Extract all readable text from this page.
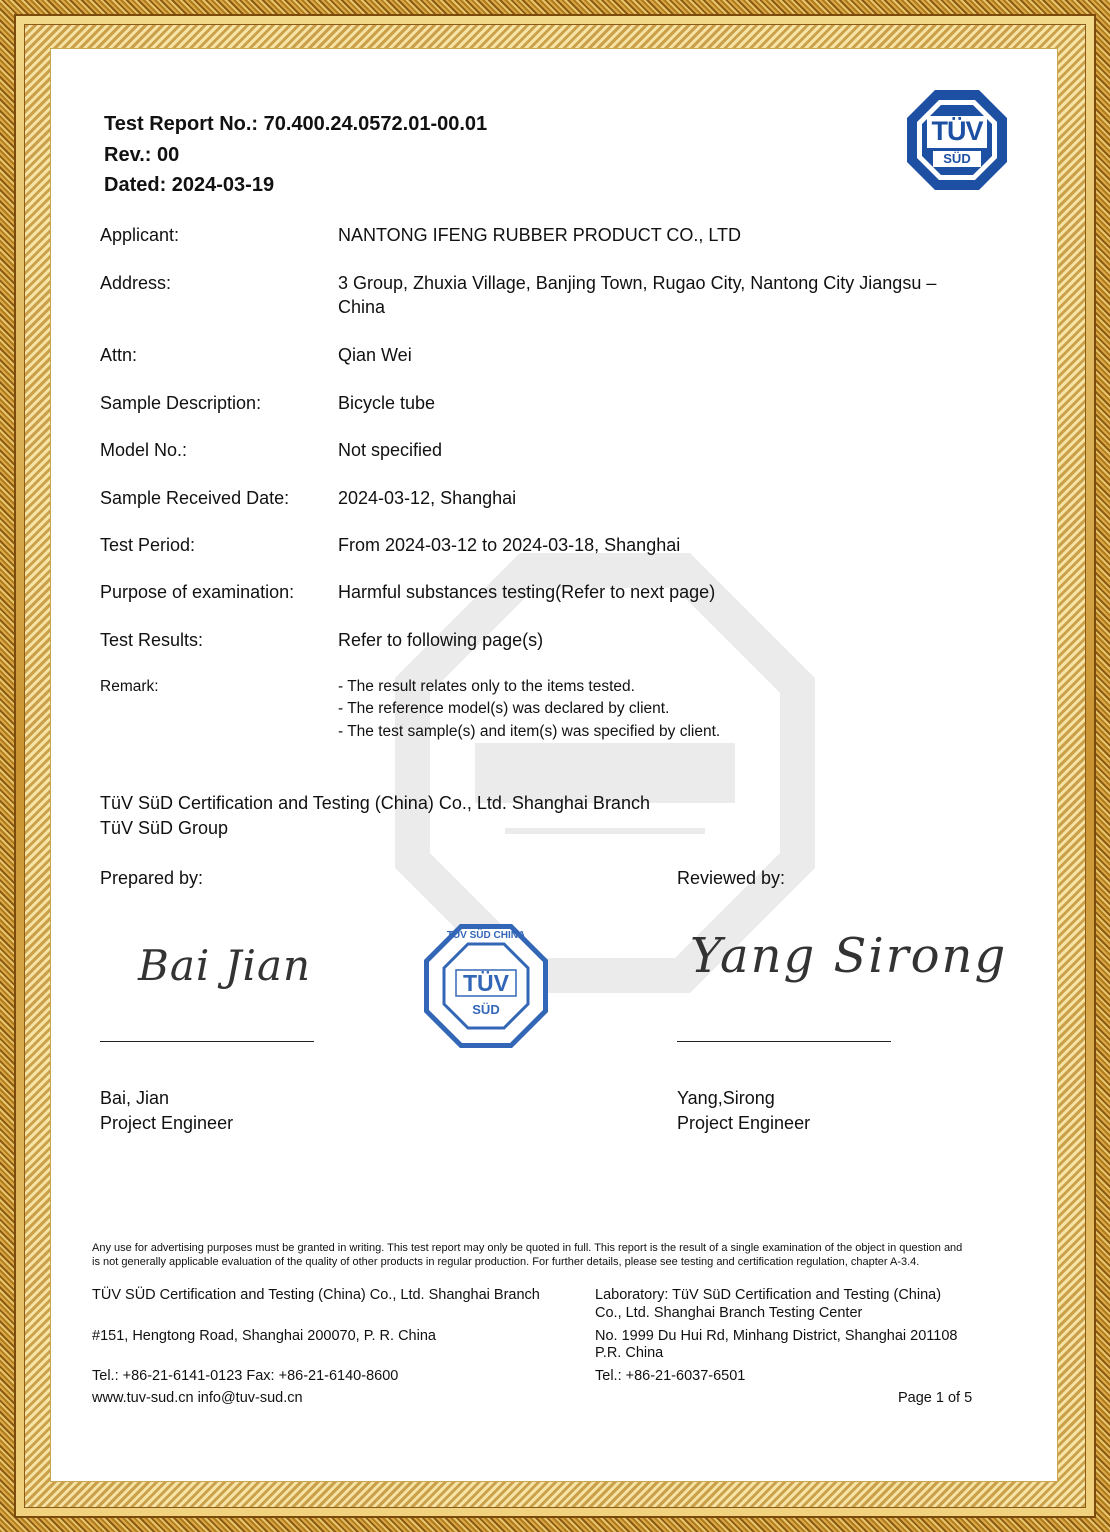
Test Report No.: 70.400.24.0572.01-00.01
Rev.: 00
Dated: 2024-03-19
TÜV
SÜD
Applicant:	NANTONG IFENG RUBBER PRODUCT CO., LTD
Address:	3 Group, Zhuxia Village, Banjing Town, Rugao City, Nantong City Jiangsu –
China
Attn:	Qian Wei
Sample Description:	Bicycle tube
Model No.:	Not specified
Sample Received Date:	2024-03-12, Shanghai
Test Period:	From 2024-03-12 to 2024-03-18, Shanghai
Purpose of examination: Harmful substances testing(Refer to next page)
Test Results:	Refer to following page(s)
Remark:	- The result relates only to the items tested.
- The reference model(s) was declared by client.
- The test sample(s) and item(s) was specified by client.
TüV SüD Certification and Testing (China) Co., Ltd. Shanghai Branch
TüV SüD Group
Prepared by:	Reviewed by:
Bai Jian	Yang Sirong
TÜV SÜD CHINA
TÜV
SÜD
Bai, Jian
Project Engineer
Yang,Sirong
Project Engineer
Any use for advertising purposes must be granted in writing. This test report may only be quoted in full. This report is the result of a single examination of the object in question and is not generally applicable evaluation of the quality of other products in regular production. For further details, please see testing and certification regulation, chapter A-3.4.
TÜV SÜD Certification and Testing (China) Co., Ltd. Shanghai Branch
#151, Hengtong Road, Shanghai 200070, P. R. China
Tel.: +86-21-6141-0123 Fax: +86-21-6140-8600
www.tuv-sud.cn info@tuv-sud.cn
Laboratory: TüV SüD Certification and Testing (China)
Co., Ltd. Shanghai Branch Testing Center
No. 1999 Du Hui Rd, Minhang District, Shanghai 201108
P.R. China
Tel.: +86-21-6037-6501
Page 1 of 5
